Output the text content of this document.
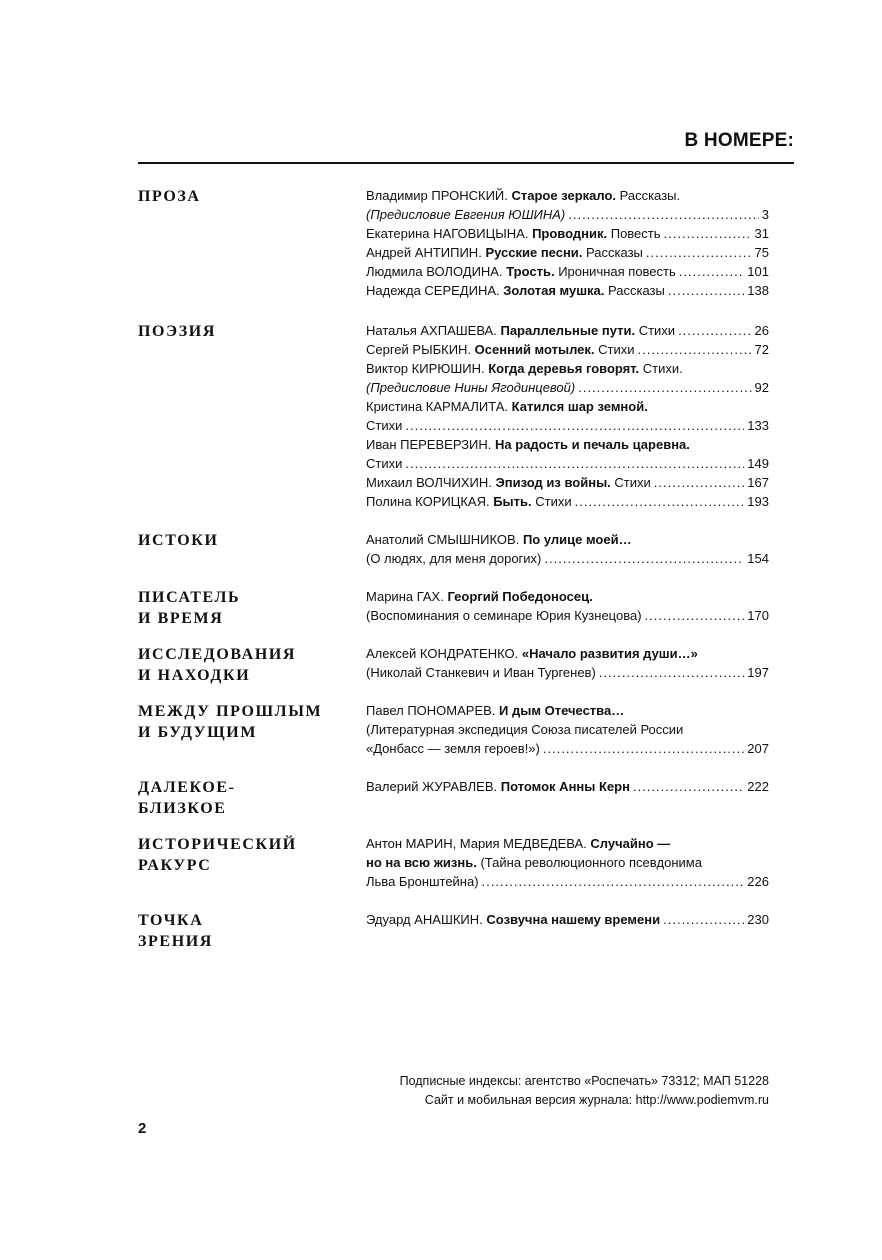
В НОМЕРЕ:
ПРОЗА	Владимир ПРОНСКИЙ. Старое зеркало. Рассказы.
(Предисловие Евгения ЮШИНА) .....	3
Екатерина НАГОВИЦЫНА. Проводник. Повесть .....	31
Андрей АНТИПИН. Русские песни. Рассказы .....	75
Людмила ВОЛОДИНА. Трость. Ироничная повесть .....	101
Надежда СЕРЕДИНА. Золотая мушка. Рассказы .....	138
ПОЭЗИЯ	Наталья АХПАШЕВА. Параллельные пути. Стихи .....	26
Сергей РЫБКИН. Осенний мотылек. Стихи .....	72
Виктор КИРЮШИН. Когда деревья говорят. Стихи.
(Предисловие Нины Ягодинцевой) .....	92
Кристина КАРМАЛИТА. Катился шар земной.
Стихи .....	133
Иван ПЕРЕВЕРЗИН. На радость и печаль царевна.
Стихи .....	149
Михаил ВОЛЧИХИН. Эпизод из войны. Стихи .....	167
Полина КОРИЦКАЯ. Быть. Стихи .....	193
ИСТОКИ	Анатолий СМЫШНИКОВ. По улице моей…
(О людях, для меня дорогих) .....	154
ПИСАТЕЛЬ
И ВРЕМЯ
Марина ГАХ. Георгий Победоносец.
(Воспоминания о семинаре Юрия Кузнецова) .....	170
ИССЛЕДОВАНИЯ
И НАХОДКИ
Алексей КОНДРАТЕНКО. «Начало развития души…»
(Николай Станкевич и Иван Тургенев) .....	197
МЕЖДУ ПРОШЛЫМ
И БУДУЩИМ
Павел ПОНОМАРЕВ. И дым Отечества…
(Литературная экспедиция Союза писателей России
«Донбасс — земля героев!») .....	207
ДАЛЕКОЕ-
БЛИЗКОЕ
Валерий ЖУРАВЛЕВ. Потомок Анны Керн .....	222
ИСТОРИЧЕСКИЙ
РАКУРС
Антон МАРИН, Мария МЕДВЕДЕВА. Случайно —
но на всю жизнь. (Тайна революционного псевдонима
Льва Бронштейна) .....	226
ТОЧКА
ЗРЕНИЯ
Эдуард АНАШКИН. Созвучна нашему времени .....	230
Подписные индексы: агентство «Роспечать» 73312; МАП 51228
Сайт и мобильная версия журнала: http://www.podiemvm.ru
2
